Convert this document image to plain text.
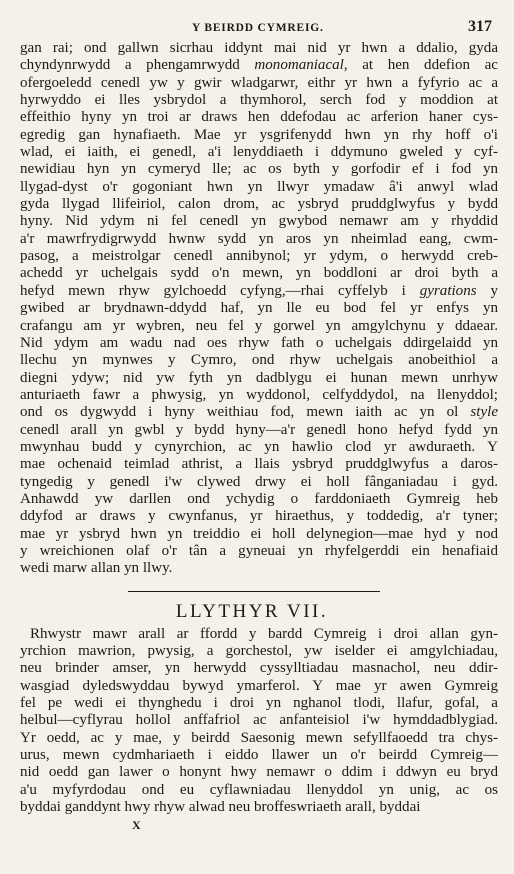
Y BEIRDD CYMREIG.	317
gan rai; ond gallwn sicrhau iddynt mai nid yr hwn a ddalio, gyda
chyndynrwydd a phengamrwydd monomaniacal, at hen ddefion ac
ofergoeledd cenedl yw y gwir wladgarwr, eithr yr hwn a fyfyrio ac a
hyrwyddo ei lles ysbrydol a thymhorol, serch fod y moddion at
effeithio hyny yn troi ar draws hen ddefodau ac arferion haner cys-
egredig gan hynafiaeth. Mae yr ysgrifenydd hwn yn rhy hoff o'i
wlad, ei iaith, ei genedl, a'i lenyddiaeth i ddymuno gweled y cyf-
newidiau hyn yn cymeryd lle; ac os byth y gorfodir ef i fod yn
llygad-dyst o'r gogoniant hwn yn llwyr ymadaw â'i anwyl wlad
gyda llygad llifeiriol, calon drom, ac ysbryd pruddglwyfus y bydd
hyny. Nid ydym ni fel cenedl yn gwybod nemawr am y rhyddid
a'r mawrfrydigrwydd hwnw sydd yn aros yn nheimlad eang, cwm-
pasog, a meistrolgar cenedl annibynol; yr ydym, o herwydd creb-
achedd yr uchelgais sydd o'n mewn, yn boddloni ar droi byth a
hefyd mewn rhyw gylchoedd cyfyng,—rhai cyffelyb i gyrations y
gwibed ar brydnawn-ddydd haf, yn lle eu bod fel yr enfys yn
crafangu am yr wybren, neu fel y gorwel yn amgylchynu y ddaear.
Nid ydym am wadu nad oes rhyw fath o uchelgais ddirgelaidd yn
llechu yn mynwes y Cymro, ond rhyw uchelgais anobeithiol a
diegni ydyw; nid yw fyth yn dadblygu ei hunan mewn unrhyw
anturiaeth fawr a phwysig, yn wyddonol, celfyddydol, na llenyddol;
ond os dygwydd i hyny weithiau fod, mewn iaith ac yn ol style
cenedl arall yn gwbl y bydd hyny—a'r genedl hono hefyd fydd yn
mwynhau budd y cynyrchion, ac yn hawlio clod yr awduraeth. Y
mae ochenaid teimlad athrist, a llais ysbryd pruddglwyfus a daros-
tyngedig y genedl i'w clywed drwy ei holl fânganiadau i gyd.
Anhawdd yw darllen ond ychydig o farddoniaeth Gymreig heb
ddyfod ar draws y cwynfanus, yr hiraethus, y toddedig, a'r tyner;
mae yr ysbryd hwn yn treiddio ei holl delynegion—mae hyd y nod
y wreichionen olaf o'r tân a gyneuai yn rhyfelgerddi ein henafiaid
wedi marw allan yn llwy.
LLYTHYR VII.
Rhwystr mawr arall ar ffordd y bardd Cymreig i droi allan gyn-
yrchion mawrion, pwysig, a gorchestol, yw iselder ei amgylchiadau,
neu brinder amser, yn herwydd cyssylltiadau masnachol, neu ddir-
wasgiad dyledswyddau bywyd ymarferol. Y mae yr awen Gymreig
fel pe wedi ei thynghedu i droi yn nghanol tlodi, llafur, gofal, a
helbul—cyflyrau hollol anffafriol ac anfanteisiol i'w hymddadblygiad.
Yr oedd, ac y mae, y beirdd Saesonig mewn sefyllfaoedd tra chys-
urus, mewn cydmhariaeth i eiddo llawer un o'r beirdd Cymreig—
nid oedd gan lawer o honynt hwy nemawr o ddim i ddwyn eu bryd
a'u myfyrdodau ond eu cyflawniadau llenyddol yn unig, ac os
byddai ganddynt hwy rhyw alwad neu broffeswriaeth arall, byddai
X
